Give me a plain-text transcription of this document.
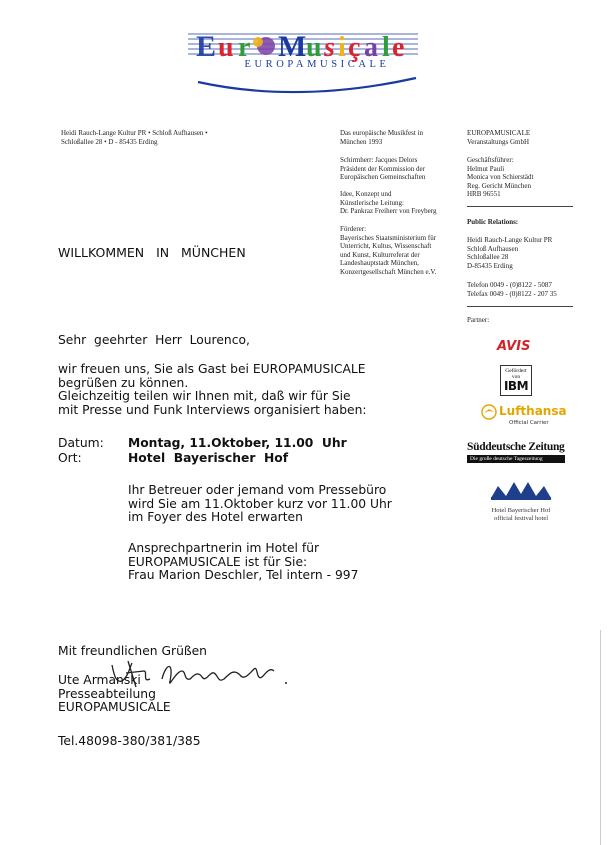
E u r M u s i ç a l e
EUROPAMUSICALE
Heidi Rauch-Lange Kultur PR • Schloß Aufhausen •
Schloßallee 28 • D - 85435 Erding
Das europäische Musikfest in
München 1993
Schirmherr: Jacques Delors
Präsident der Kommission der
Europäischen Gemeinschaften
Idee, Konzept und
Künstlerische Leitung:
Dr. Pankraz Freiherr von Freyberg
Förderer:
Bayerisches Staatsministerium für
Unterricht, Kultus, Wissenschaft
und Kunst, Kulturreferat der
Landeshauptstadt München,
Konzertgesellschaft München e.V.
EUROPAMUSICALE
Veranstaltungs GmbH
Geschäftsführer:
Helmut Pauli
Monica von Schierstädt
Reg. Gericht München
HRB 96551
Public Relations:
Heidi Rauch-Lange Kultur PR
Schloß Aufhausen
Schloßallee 28
D-85435 Erding
Telefon 0049 - (0)8122 - 5087
Telefax 0049 - (0)8122 - 207 35
Partner:
AVIS
Gefördert
von
IBM
Lufthansa
Official Carrier
Süddeutsche Zeitung
Die große deutsche Tageszeitung
Hotel Bayerischer Hof
official festival hotel
WILLKOMMEN   IN   MÜNCHEN
Sehr  geehrter  Herr  Lourenco,
wir freuen uns, Sie als Gast bei EUROPAMUSICALE
begrüßen zu können.
Gleichzeitig teilen wir Ihnen mit, daß wir für Sie
mit Presse und Funk Interviews organisiert haben:
Datum: Montag, 11.Oktober, 11.00  Uhr
Ort:	Hotel  Bayerischer  Hof
Ihr Betreuer oder jemand vom Pressebüro
wird Sie am 11.Oktober kurz vor 11.00 Uhr
im Foyer des Hotel erwarten
Ansprechpartnerin im Hotel für
EUROPAMUSICALE ist für Sie:
Frau Marion Deschler, Tel intern - 997
Mit freundlichen Grüßen
Ute Armanski
Presseabteilung
EUROPAMUSICALE
Tel.48098-380/381/385
